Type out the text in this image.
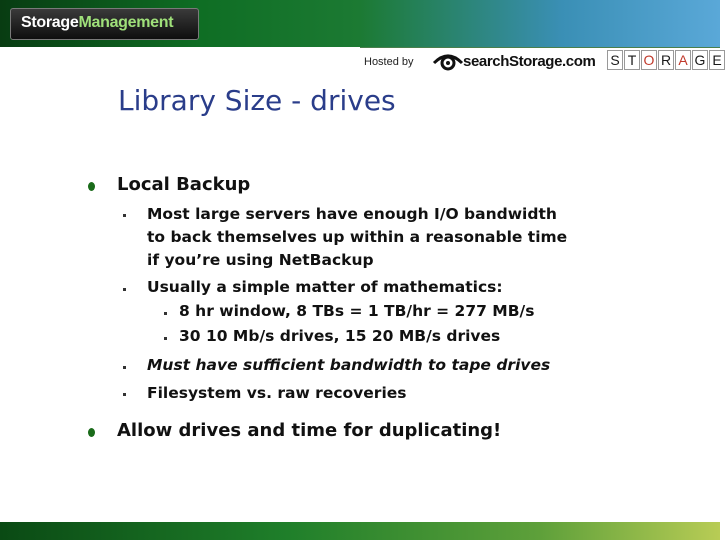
StorageManagement
Hosted by	searchStorage.com S T O R A G E
Library Size - drives
Local Backup
Most large servers have enough I/O bandwidth
to back themselves up within a reasonable time
if you’re using NetBackup
Usually a simple matter of mathematics:
8 hr window, 8 TBs = 1 TB/hr = 277 MB/s
30 10 Mb/s drives, 15 20 MB/s drives
Must have sufficient bandwidth to tape drives
Filesystem vs. raw recoveries
Allow drives and time for duplicating!
